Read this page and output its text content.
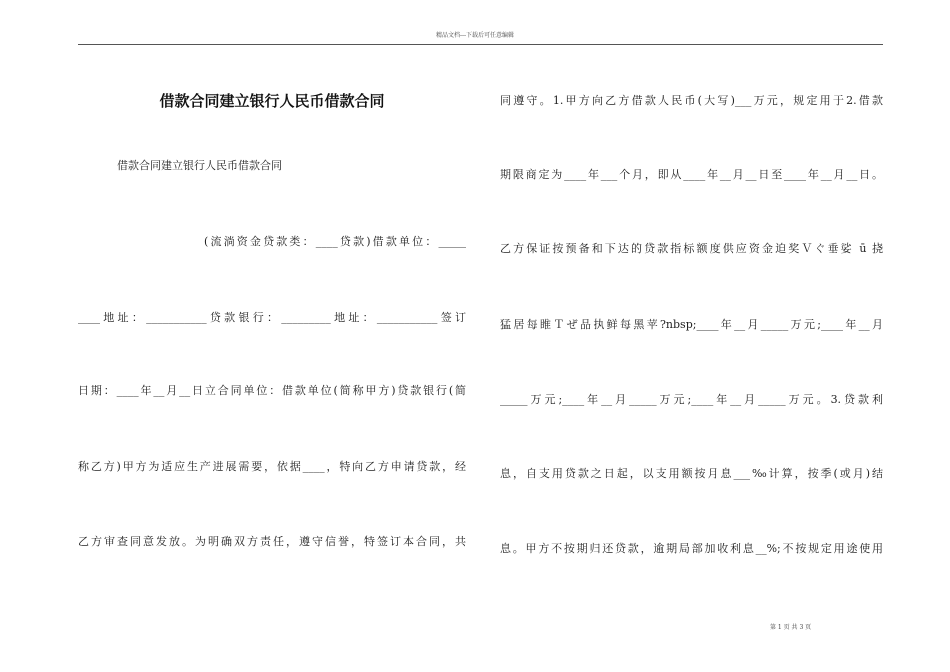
精品文档---下载后可任意编辑
借款合同建立银行人民币借款合同
借款合同建立银行人民币借款合同
(流淌资金贷款类：____贷款)借款单位：_____
____地址：___________贷款银行：_________地址：___________签订
日期：____年__月__日立合同单位：借款单位(简称甲方)贷款银行(简
称乙方)甲方为适应生产进展需要，依据____，特向乙方申请贷款，经
乙方审查同意发放。为明确双方责任，遵守信誉，特签订本合同，共
同遵守。1.甲方向乙方借款人民币(大写)___万元，规定用于2.借款
期限商定为____年___个月，即从____年__月__日至____年__月__日。
乙方保证按预备和下达的贷款指标额度供应资金迫奖Ｖぐ垂娑 ū 挠
猛居每睢Ｔぜ品执鲜每黑苹?nbsp;____年__月_____万元;____年__月
_____万元;____年__月_____万元;____年__月_____万元。3.贷款利
息，自支用贷款之日起，以支用额按月息___‰计算，按季(或月)结
息。甲方不按期归还贷款，逾期局部加收利息__%;不按规定用途使用
第 1 页 共 3 页
